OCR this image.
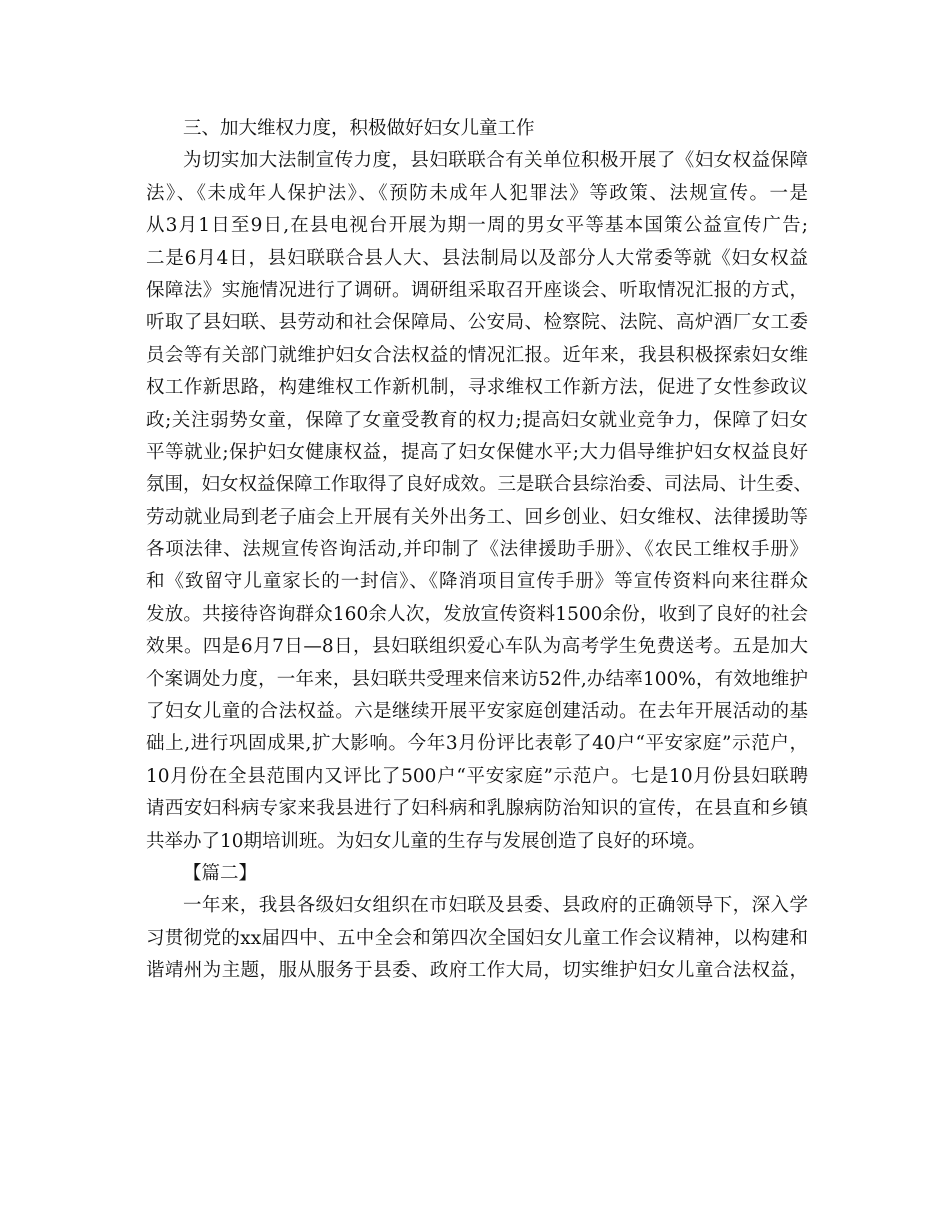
三、加大维权力度，积极做好妇女儿童工作
为切实加大法制宣传力度，县妇联联合有关单位积极开展了《妇女权益保障
法》、《未成年人保护法》、《预防未成年人犯罪法》等政策、法规宣传。一是
从3月1日至9日,在县电视台开展为期一周的男女平等基本国策公益宣传广告;
二是6月4日，县妇联联合县人大、县法制局以及部分人大常委等就《妇女权益
保障法》实施情况进行了调研。调研组采取召开座谈会、听取情况汇报的方式，
听取了县妇联、县劳动和社会保障局、公安局、检察院、法院、高炉酒厂女工委
员会等有关部门就维护妇女合法权益的情况汇报。近年来，我县积极探索妇女维
权工作新思路，构建维权工作新机制，寻求维权工作新方法，促进了女性参政议
政;关注弱势女童，保障了女童受教育的权力;提高妇女就业竞争力，保障了妇女
平等就业;保护妇女健康权益，提高了妇女保健水平;大力倡导维护妇女权益良好
氛围，妇女权益保障工作取得了良好成效。三是联合县综治委、司法局、计生委、
劳动就业局到老子庙会上开展有关外出务工、回乡创业、妇女维权、法律援助等
各项法律、法规宣传咨询活动,并印制了《法律援助手册》、《农民工维权手册》
和《致留守儿童家长的一封信》、《降消项目宣传手册》等宣传资料向来往群众
发放。共接待咨询群众160余人次，发放宣传资料1500余份，收到了良好的社会
效果。四是6月7日—8日，县妇联组织爱心车队为高考学生免费送考。五是加大
个案调处力度，一年来，县妇联共受理来信来访52件,办结率100%，有效地维护
了妇女儿童的合法权益。六是继续开展平安家庭创建活动。在去年开展活动的基
础上,进行巩固成果,扩大影响。今年3月份评比表彰了40户“平安家庭”示范户，
10月份在全县范围内又评比了500户“平安家庭”示范户。七是10月份县妇联聘
请西安妇科病专家来我县进行了妇科病和乳腺病防治知识的宣传，在县直和乡镇
共举办了10期培训班。为妇女儿童的生存与发展创造了良好的环境。
【篇二】
一年来，我县各级妇女组织在市妇联及县委、县政府的正确领导下，深入学
习贯彻党的xx届四中、五中全会和第四次全国妇女儿童工作会议精神，以构建和
谐靖州为主题，服从服务于县委、政府工作大局，切实维护妇女儿童合法权益，
